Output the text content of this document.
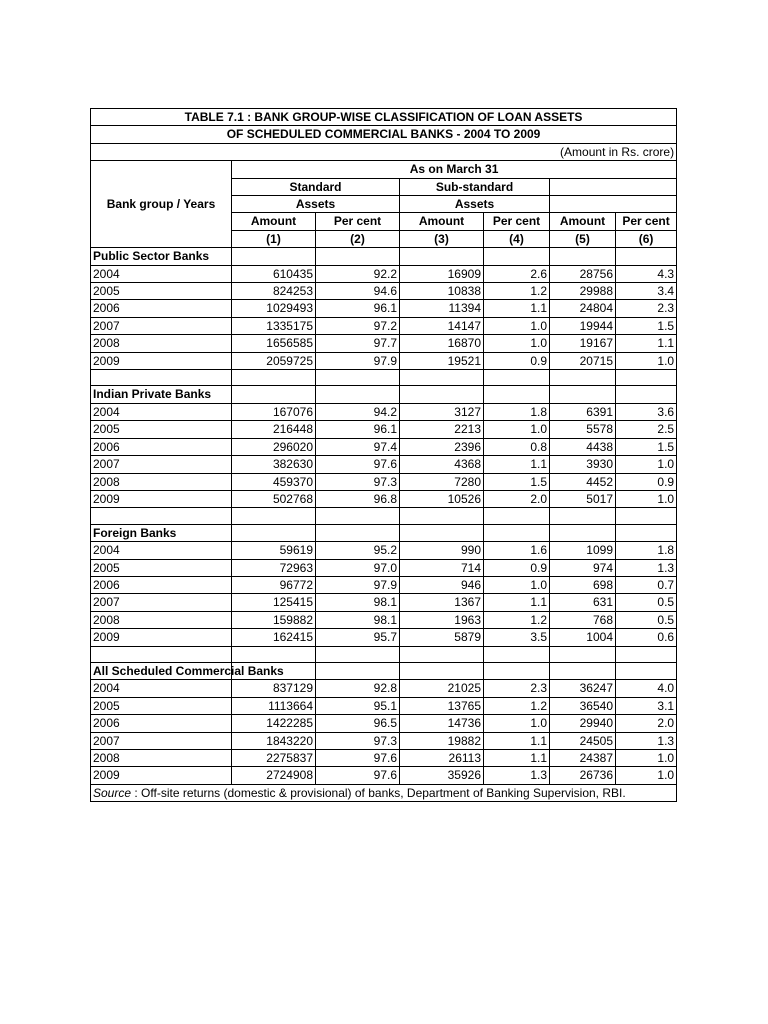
TABLE 7.1 : BANK GROUP-WISE CLASSIFICATION OF LOAN ASSETS						
OF SCHEDULED COMMERCIAL BANKS - 2004 TO 2009						
(Amount in Rs. crore)						
Bank group / Years	As on March 31					
	Standard		Sub-standard			
	Assets		Assets			
	Amount	Per cent	Amount	Per cent	Amount	Per cent
	(1)	(2)	(3)	(4)	(5)	(6)
Public Sector Banks						
2004	610435	92.2	16909	2.6	28756	4.3
2005	824253	94.6	10838	1.2	29988	3.4
2006	1029493	96.1	11394	1.1	24804	2.3
2007	1335175	97.2	14147	1.0	19944	1.5
2008	1656585	97.7	16870	1.0	19167	1.1
2009	2059725	97.9	19521	0.9	20715	1.0

Indian Private Banks						
2004	167076	94.2	3127	1.8	6391	3.6
2005	216448	96.1	2213	1.0	5578	2.5
2006	296020	97.4	2396	0.8	4438	1.5
2007	382630	97.6	4368	1.1	3930	1.0
2008	459370	97.3	7280	1.5	4452	0.9
2009	502768	96.8	10526	2.0	5017	1.0

Foreign Banks						
2004	59619	95.2	990	1.6	1099	1.8
2005	72963	97.0	714	0.9	974	1.3
2006	96772	97.9	946	1.0	698	0.7
2007	125415	98.1	1367	1.1	631	0.5
2008	159882	98.1	1963	1.2	768	0.5
2009	162415	95.7	5879	3.5	1004	0.6

All Scheduled Commercial Banks						
2004	837129	92.8	21025	2.3	36247	4.0
2005	1113664	95.1	13765	1.2	36540	3.1
2006	1422285	96.5	14736	1.0	29940	2.0
2007	1843220	97.3	19882	1.1	24505	1.3
2008	2275837	97.6	26113	1.1	24387	1.0
2009	2724908	97.6	35926	1.3	26736	1.0
Source : Off-site returns (domestic & provisional) of banks, Department of Banking Supervision, RBI.						
